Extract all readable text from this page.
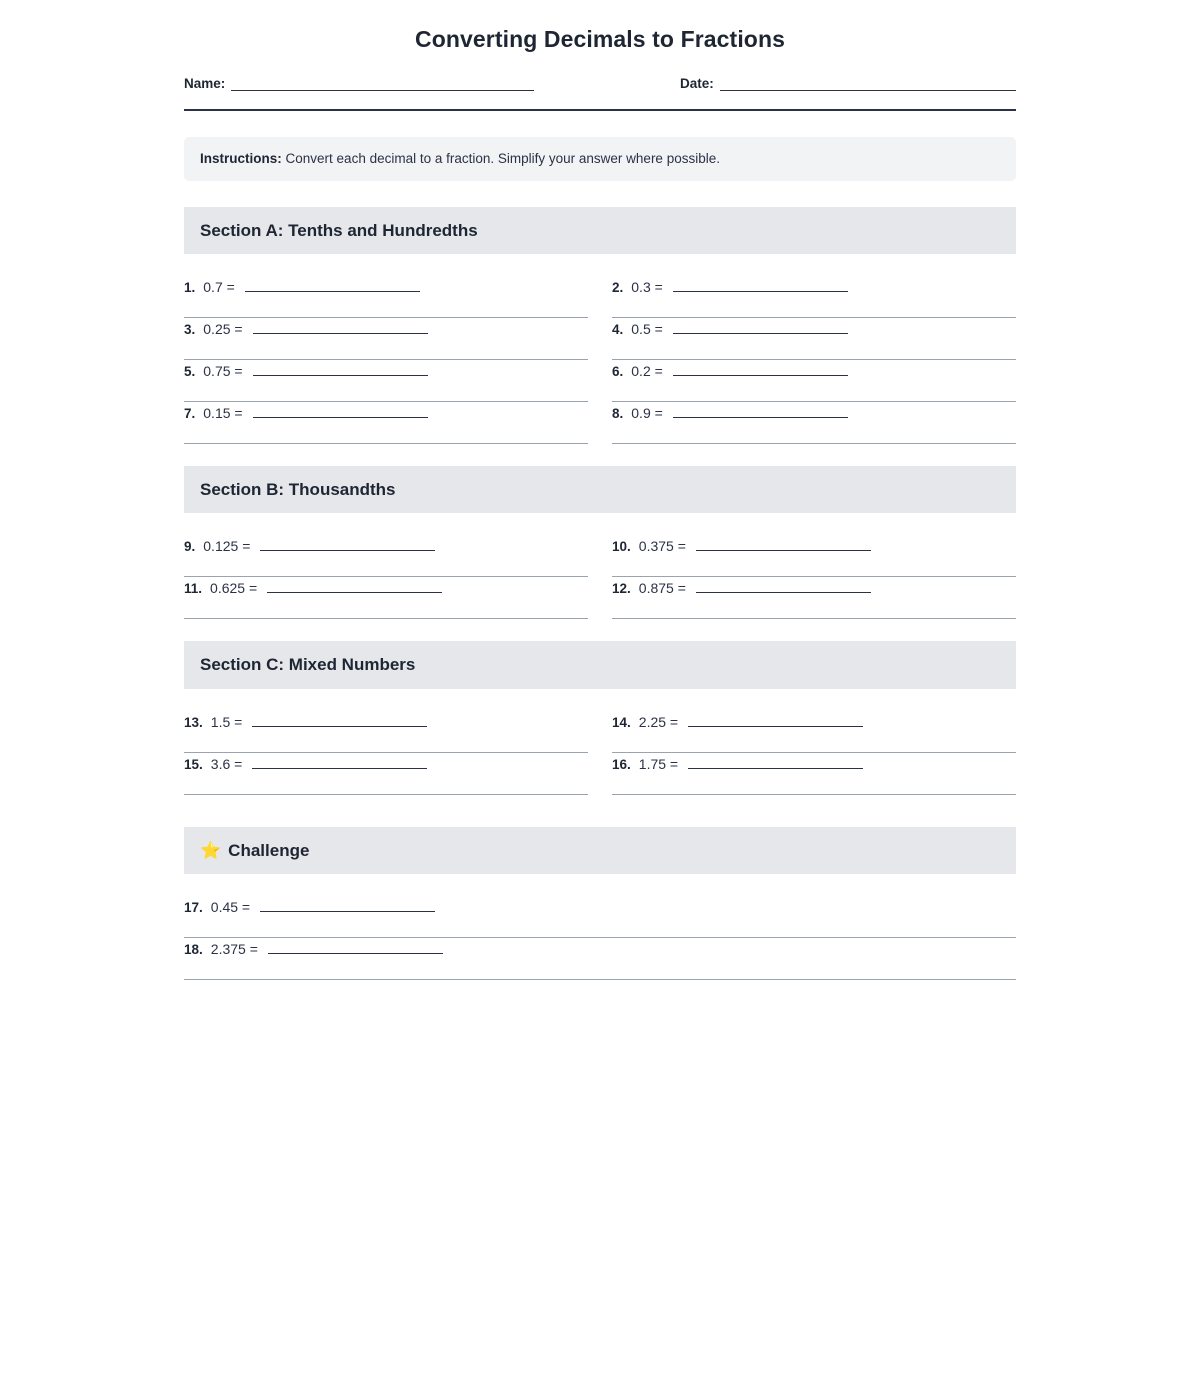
Converting Decimals to Fractions
Name:	Date:
Instructions: Convert each decimal to a fraction. Simplify your answer where possible.
Section A: Tenths and Hundredths
1. 0.7 =	2. 0.3 =
3. 0.25 =	4. 0.5 =
5. 0.75 =	6. 0.2 =
7. 0.15 =	8. 0.9 =
Section B: Thousandths
9. 0.125 =	10. 0.375 =
11. 0.625 =	12. 0.875 =
Section C: Mixed Numbers
13. 1.5 =	14. 2.25 =
15. 3.6 =	16. 1.75 =
⭐ Challenge
17. 0.45 =
18. 2.375 =
